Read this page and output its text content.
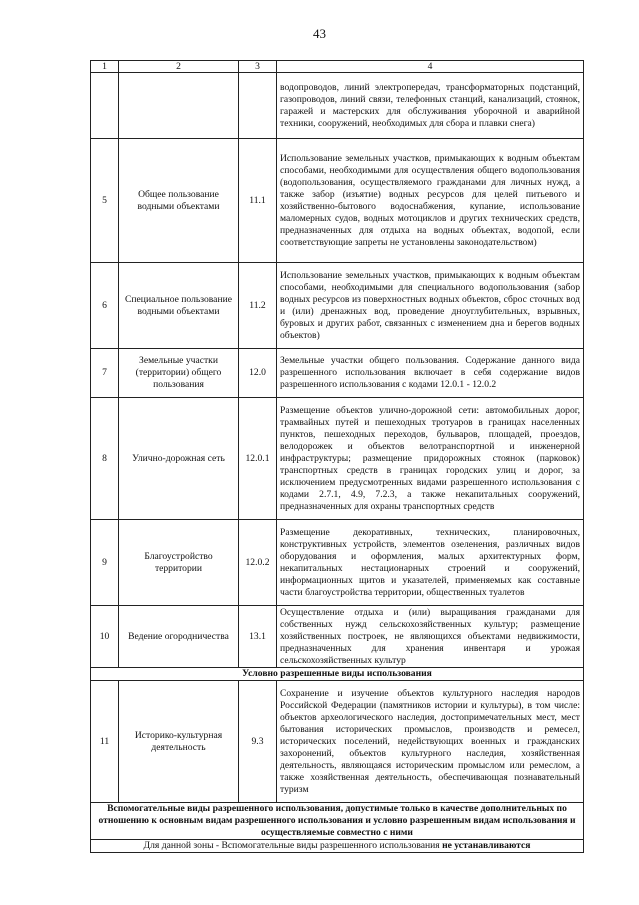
43
1	2	3	4
			водопроводов, линий электропередач, трансформаторных подстанций, газопроводов, линий связи, телефонных станций, канализаций, стоянок, гаражей и мастерских для обслуживания уборочной и аварийной техники, сооружений, необходимых для сбора и плавки снега)
5	Общее пользование водными объектами	11.1	Использование земельных участков, примыкающих к водным объектам способами, необходимыми для осуществления общего водопользования (водопользования, осуществляемого гражданами для личных нужд, а также забор (изъятие) водных ресурсов для целей питьевого и хозяйственно-бытового водоснабжения, купание, использование маломерных судов, водных мотоциклов и других технических средств, предназначенных для отдыха на водных объектах, водопой, если соответствующие запреты не установлены законодательством)
6	Специальное пользование водными объектами	11.2	Использование земельных участков, примыкающих к водным объектам способами, необходимыми для специального водопользования (забор водных ресурсов из поверхностных водных объектов, сброс сточных вод и (или) дренажных вод, проведение дноуглубительных, взрывных, буровых и других работ, связанных с изменением дна и берегов водных объектов)
7	Земельные участки (территории) общего пользования	12.0	Земельные участки общего пользования. Содержание данного вида разрешенного использования включает в себя содержание видов разрешенного использования с кодами 12.0.1 - 12.0.2
8	Улично-дорожная сеть	12.0.1	Размещение объектов улично-дорожной сети: автомобильных дорог, трамвайных путей и пешеходных тротуаров в границах населенных пунктов, пешеходных переходов, бульваров, площадей, проездов, велодорожек и объектов велотранспортной и инженерной инфраструктуры; размещение придорожных стоянок (парковок) транспортных средств в границах городских улиц и дорог, за исключением предусмотренных видами разрешенного использования с кодами 2.7.1, 4.9, 7.2.3, а также некапитальных сооружений, предназначенных для охраны транспортных средств
9	Благоустройство территории	12.0.2	Размещение декоративных, технических, планировочных, конструктивных устройств, элементов озеленения, различных видов оборудования и оформления, малых архитектурных форм, некапитальных нестационарных строений и сооружений, информационных щитов и указателей, применяемых как составные части благоустройства территории, общественных туалетов
10	Ведение огородничества	13.1	Осуществление отдыха и (или) выращивания гражданами для собственных нужд сельскохозяйственных культур; размещение хозяйственных построек, не являющихся объектами недвижимости, предназначенных для хранения инвентаря и урожая сельскохозяйственных культур
Условно разрешенные виды использования			
11	Историко-культурная деятельность	9.3	Сохранение и изучение объектов культурного наследия народов Российской Федерации (памятников истории и культуры), в том числе: объектов археологического наследия, достопримечательных мест, мест бытования исторических промыслов, производств и ремесел, исторических поселений, недействующих военных и гражданских захоронений, объектов культурного наследия, хозяйственная деятельность, являющаяся историческим промыслом или ремеслом, а также хозяйственная деятельность, обеспечивающая познавательный туризм
Вспомогательные виды разрешенного использования, допустимые только в качестве дополнительных по отношению к основным видам разрешенного использования и условно разрешенным видам использования и осуществляемые совместно с ними			
Для данной зоны - Вспомогательные виды разрешенного использования не устанавливаются			
